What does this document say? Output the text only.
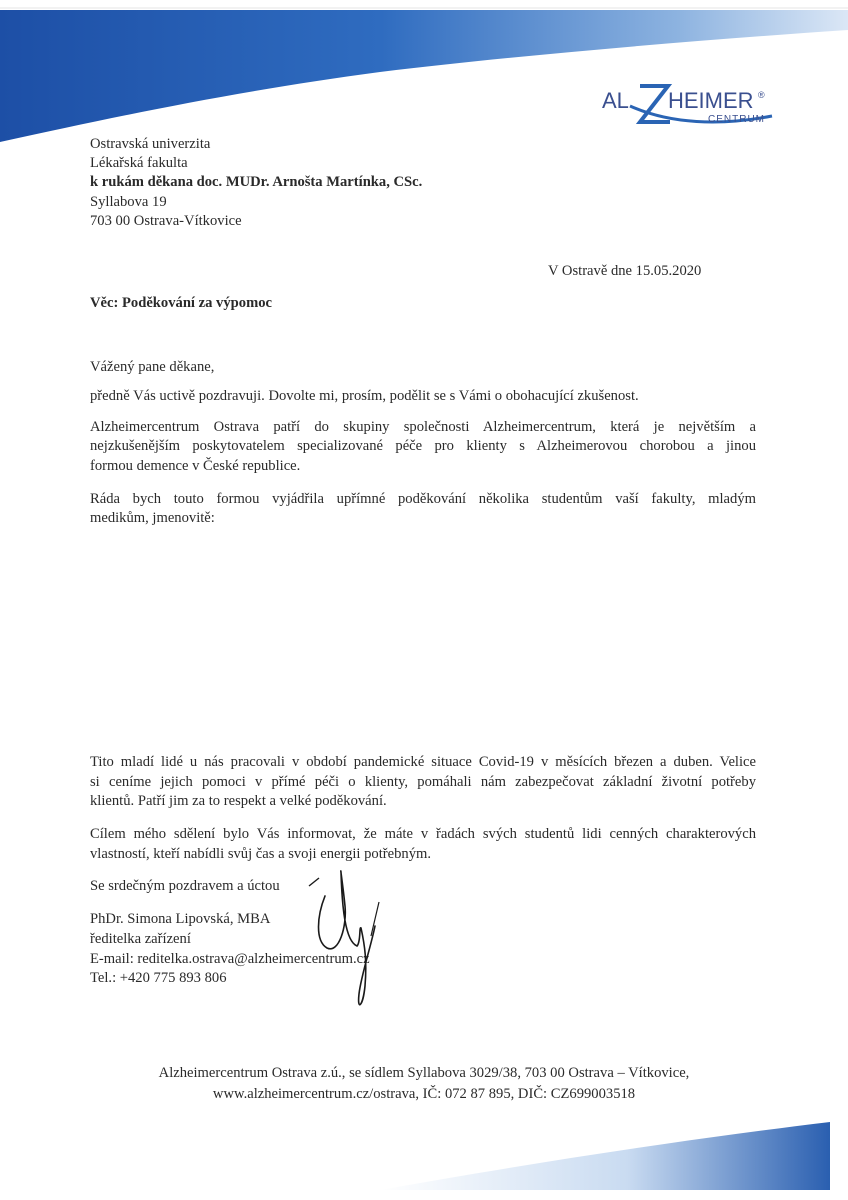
AL HEIMER ®
CENTRUM
Ostravská univerzita
Lékařská fakulta
k rukám děkana doc. MUDr. Arnošta Martínka, CSc.
Syllabova 19
703 00 Ostrava-Vítkovice
V Ostravě dne 15.05.2020
Věc: Poděkování za výpomoc
Vážený pane děkane,
předně Vás uctivě pozdravuji. Dovolte mi, prosím, podělit se s Vámi o obohacující zkušenost.
Alzheimercentrum Ostrava patří do skupiny společnosti Alzheimercentrum, která je největším a
nejzkušenějším poskytovatelem specializované péče pro klienty s Alzheimerovou chorobou a jinou
formou demence v České republice.
Ráda bych touto formou vyjádřila upřímné poděkování několika studentům vaší fakulty, mladým
medikům, jmenovitě:
Tito mladí lidé u nás pracovali v období pandemické situace Covid-19 v měsících březen a duben. Velice
si ceníme jejich pomoci v přímé péči o klienty, pomáhali nám zabezpečovat základní životní potřeby
klientů. Patří jim za to respekt a velké poděkování.
Cílem mého sdělení bylo Vás informovat, že máte v řadách svých studentů lidi cenných charakterových
vlastností, kteří nabídli svůj čas a svoji energii potřebným.
Se srdečným pozdravem a úctou
PhDr. Simona Lipovská, MBA
ředitelka zařízení
E-mail: reditelka.ostrava@alzheimercentrum.cz
Tel.: +420 775 893 806
Alzheimercentrum Ostrava z.ú., se sídlem Syllabova 3029/38, 703 00 Ostrava – Vítkovice,
www.alzheimercentrum.cz/ostrava, IČ: 072 87 895, DIČ: CZ699003518
